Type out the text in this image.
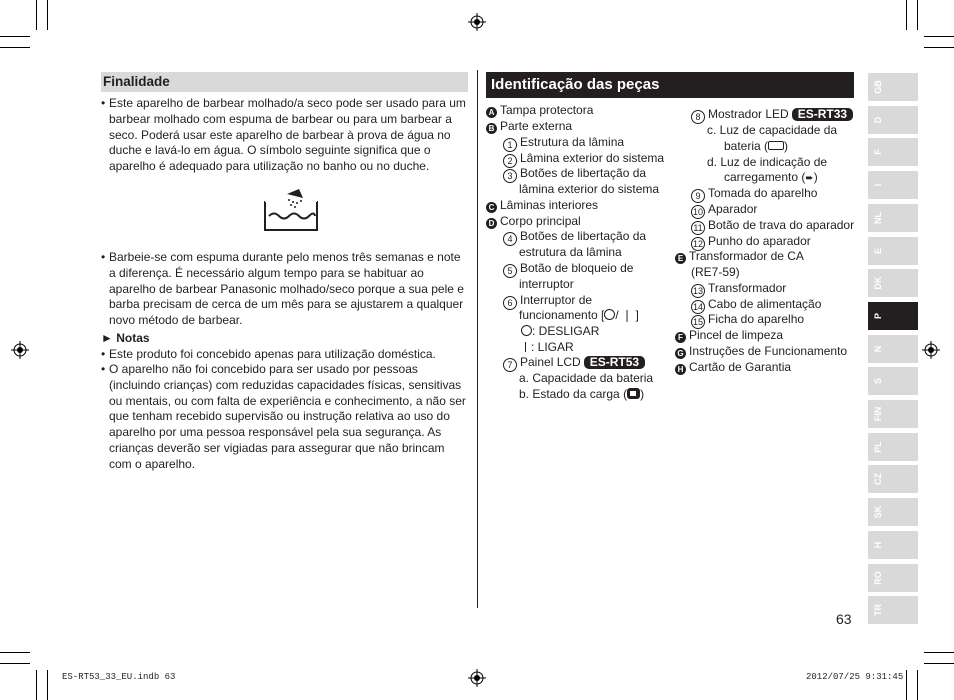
Finalidade
• Este aparelho de barbear molhado/a seco pode ser usado para um barbear molhado com espuma de barbear ou para um barbear a seco. Poderá usar este aparelho de barbear à prova de água no duche e lavá-lo em água. O símbolo seguinte significa que o aparelho é adequado para utilização no banho ou no duche.
• Barbeie-se com espuma durante pelo menos três semanas e note a diferença. É necessário algum tempo para se habituar ao aparelho de barbear Panasonic molhado/seco porque a sua pele e barba precisam de cerca de um mês para se ajustarem a qualquer novo método de barbear.
► Notas
• Este produto foi concebido apenas para utilização doméstica.
• O aparelho não foi concebido para ser usado por pessoas (incluindo crianças) com reduzidas capacidades físicas, sensitivas ou mentais, ou com falta de experiência e conhecimento, a não ser que tenham recebido supervisão ou instrução relativa ao uso do aparelho por uma pessoa responsável pela sua segurança. As crianças deverão ser vigiadas para assegurar que não brincam com o aparelho.
Identificação das peças
A Tampa protectora
B Parte externa
1 Estrutura da lâmina
2 Lâmina exterior do sistema
3 Botões de libertação da
lâmina exterior do sistema
C Lâminas interiores
D Corpo principal
4 Botões de libertação da
estrutura da lâmina
5 Botão de bloqueio de
interruptor
6 Interruptor de
funcionamento [ / ❘ ]
: DESLIGAR
: LIGAR
7 Painel LCD ES-RT53
a. Capacidade da bateria
b. Estado da carga ( )
8 Mostrador LED ES-RT33
c. Luz de capacidade da
bateria ( )
d. Luz de indicação de
carregamento (➨)
9 Tomada do aparelho
10 Aparador
11 Botão de trava do aparador
12 Punho do aparador
E Transformador de CA
(RE7-59)
13 Transformador
14 Cabo de alimentação
15 Ficha do aparelho
F Pincel de limpeza
G Instruções de Funcionamento
H Cartão de Garantia
GB
D
F
I
NL
E
DK
P
N
S
FIN
PL
CZ
SK
H
RO
TR
63
ES-RT53_33_EU.indb 63	2012/07/25 9:31:45
